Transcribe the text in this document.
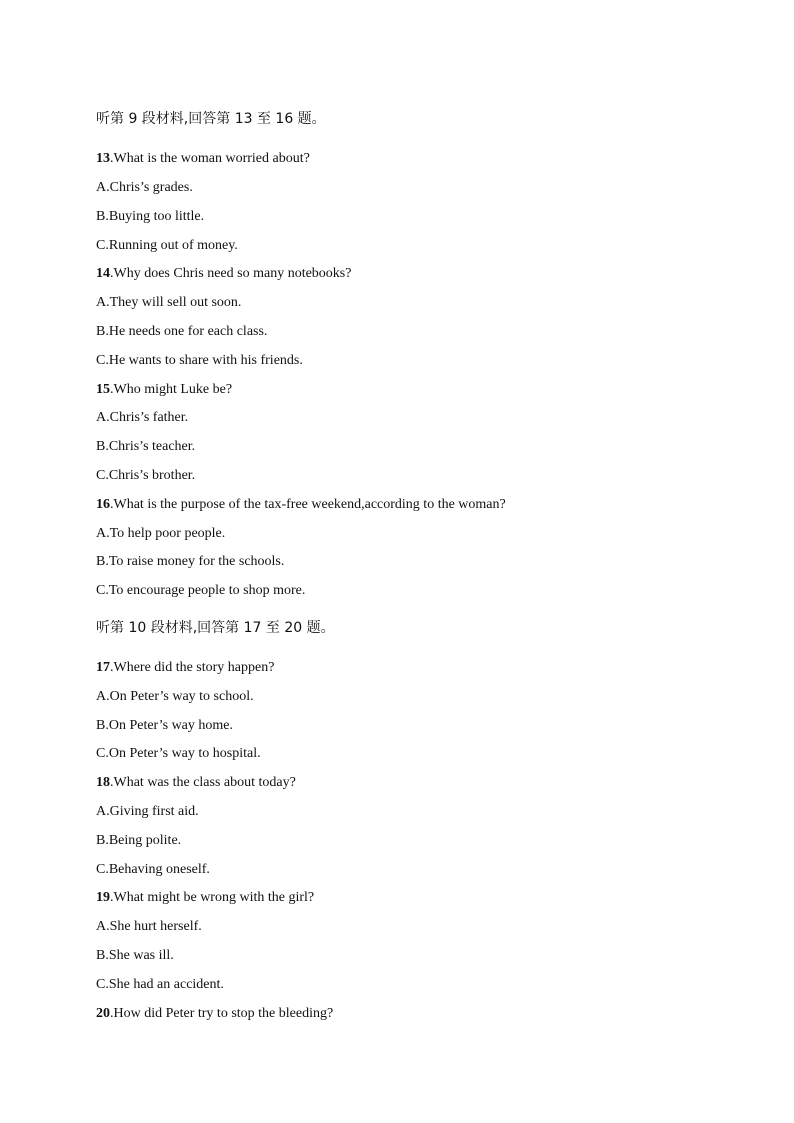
听第 9 段材料,回答第 13 至 16 题。
13.What is the woman worried about?
A.Chris’s grades.
B.Buying too little.
C.Running out of money.
14.Why does Chris need so many notebooks?
A.They will sell out soon.
B.He needs one for each class.
C.He wants to share with his friends.
15.Who might Luke be?
A.Chris’s father.
B.Chris’s teacher.
C.Chris’s brother.
16.What is the purpose of the tax-free weekend,according to the woman?
A.To help poor people.
B.To raise money for the schools.
C.To encourage people to shop more.
听第 10 段材料,回答第 17 至 20 题。
17.Where did the story happen?
A.On Peter’s way to school.
B.On Peter’s way home.
C.On Peter’s way to hospital.
18.What was the class about today?
A.Giving first aid.
B.Being polite.
C.Behaving oneself.
19.What might be wrong with the girl?
A.She hurt herself.
B.She was ill.
C.She had an accident.
20.How did Peter try to stop the bleeding?
